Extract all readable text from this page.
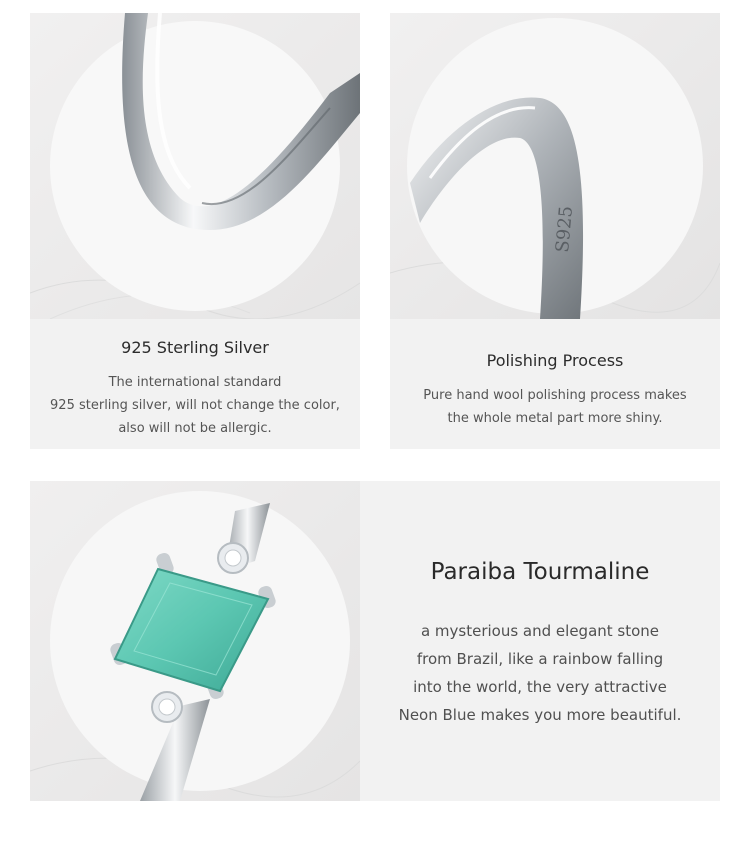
925 Sterling Silver
The international standard
925 sterling silver, will not change the color,
also will not be allergic.
S925
Polishing Process
Pure hand wool polishing process makes
the whole metal part more shiny.
Paraiba Tourmaline
a mysterious and elegant stone
from Brazil, like a rainbow falling
into the world, the very attractive
Neon Blue makes you more beautiful.
